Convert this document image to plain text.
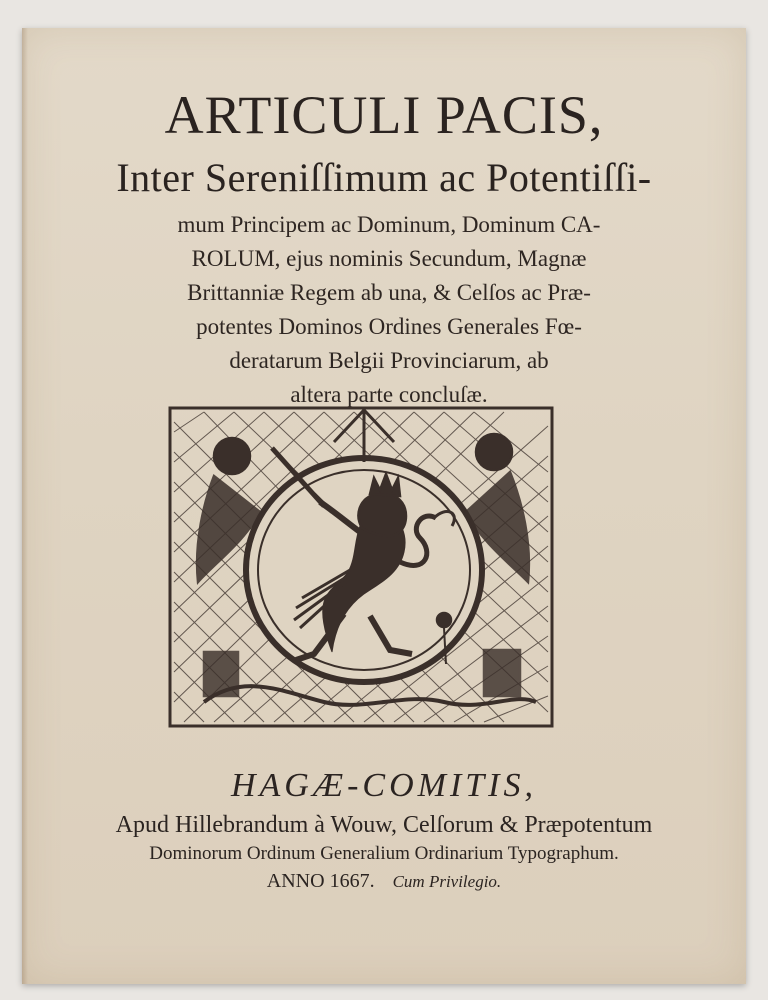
ARTICULI PACIS,
Inter Sereniſſimum ac Potentiſſi-
mum Principem ac Dominum, Dominum CA-
ROLUM, ejus nominis Secundum, Magnæ
Brittanniæ Regem ab una, & Celſos ac Præ-
potentes Dominos Ordines Generales Fœ-
deratarum Belgii Provinciarum, ab
altera parte concluſæ.
HAGÆ-COMITIS,
Apud Hillebrandum à Wouw, Celſorum & Præpotentum
Dominorum Ordinum Generalium Ordinarium Typographum.
ANNO 1667. Cum Privilegio.
